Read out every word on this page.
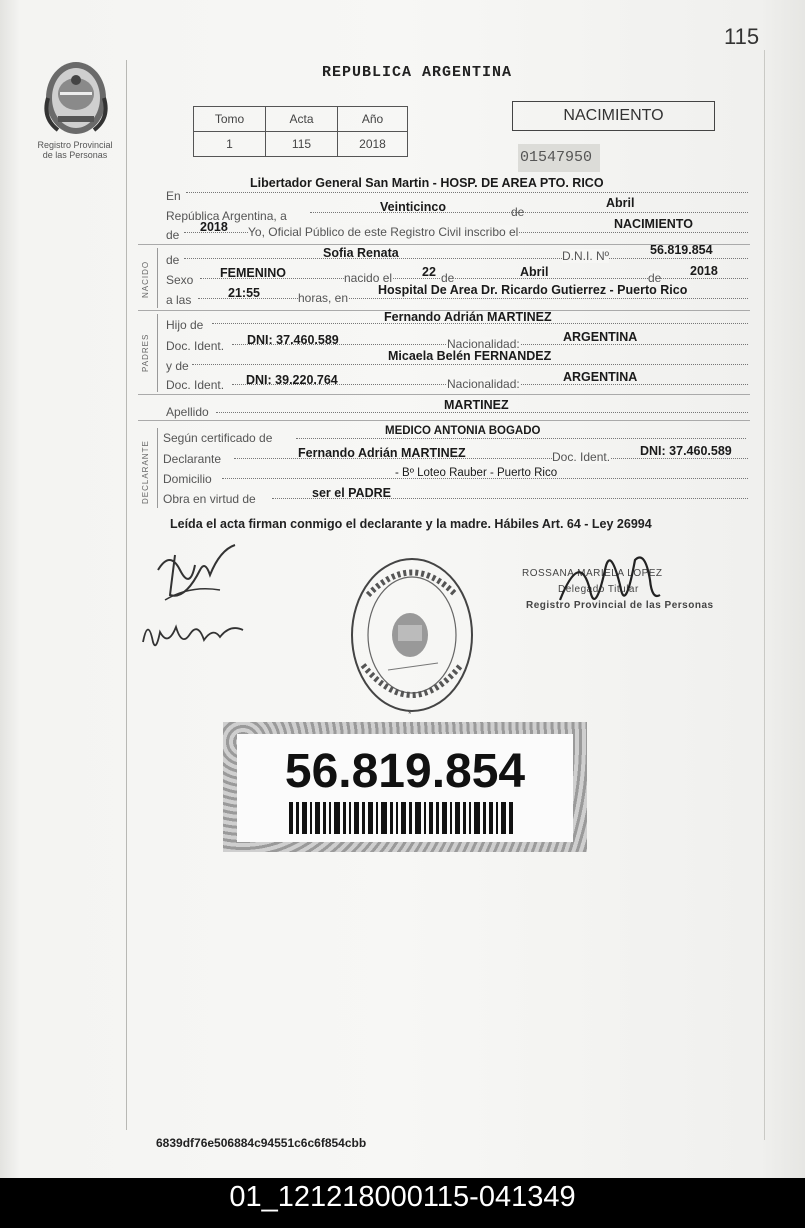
115
Registro Provincial
de las Personas
REPUBLICA ARGENTINA
Tomo	Acta	Año
1	115	2018
NACIMIENTO
01547950
En
Libertador General San Martin - HOSP. DE AREA PTO. RICO
República Argentina, a
Veinticinco	de
Abril
de
2018 Yo, Oficial Público de este Registro Civil inscribo el
NACIMIENTO
NACIDO
de	Sofia Renata	D.N.I. Nº	56.819.854
Sexo FEMENINO	nacido el 22 de	Abril	de 2018
a las	21:55	horas, en
Hospital De Area Dr. Ricardo Gutierrez - Puerto Rico
PADRES
Hijo de
Fernando Adrián MARTINEZ
Doc. Ident. DNI: 37.460.589	Nacionalidad:	ARGENTINA
y de
Micaela Belén FERNANDEZ
Doc. Ident. DNI: 39.220.764	Nacionalidad:	ARGENTINA
Apellido	MARTINEZ
DECLARANTE
Según certificado de	MEDICO ANTONIA BOGADO
Declarante	Fernando Adrián MARTINEZ	Doc. Ident. DNI: 37.460.589
Domicilio	- Bº Loteo Rauber - Puerto Rico
Obra en virtud de	ser el PADRE
Leída el acta firman conmigo el declarante y la madre. Hábiles Art. 64 - Ley 26994
ROSSANA MARIELA LOPEZ
Delegado Titular
Registro Provincial de las Personas
*
56.819.854
6839df76e506884c94551c6c6f854cbb
01_121218000115-041349
